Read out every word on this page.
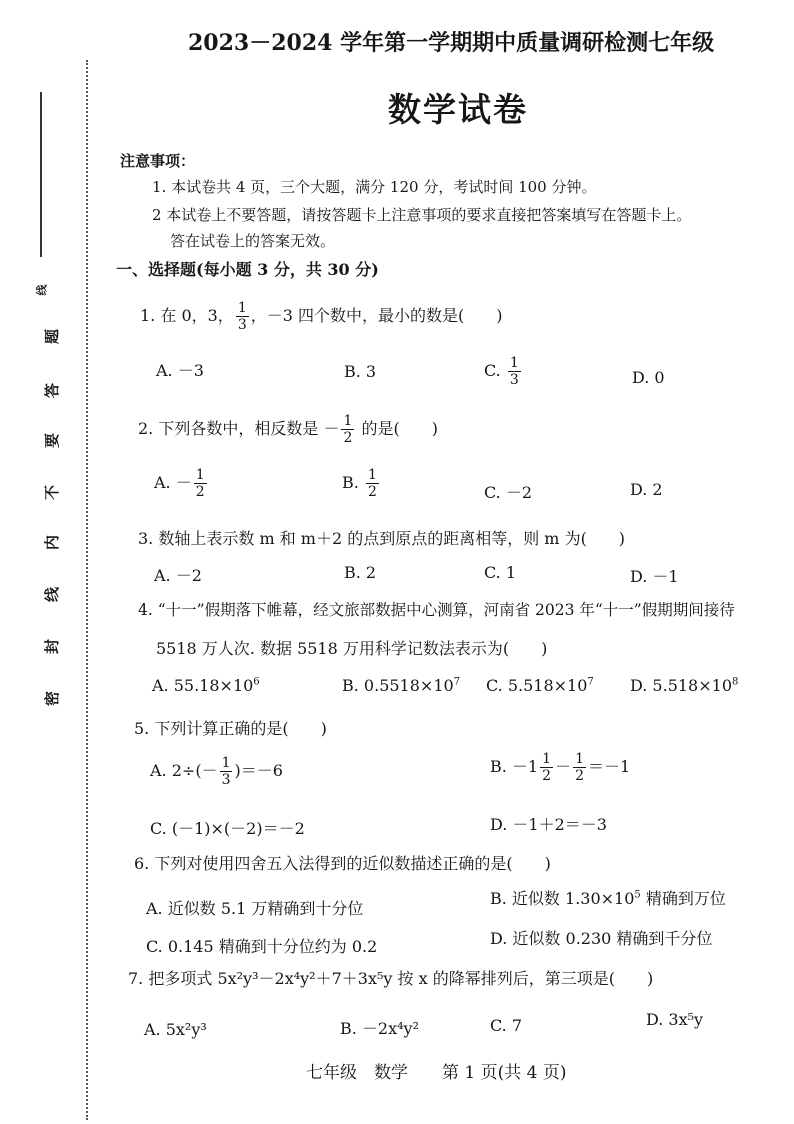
线
题
答
要
不
内
线
封
密
2023－2024 学年第一学期期中质量调研检测七年级
数学试卷
注意事项：
1. 本试卷共 4 页，三个大题，满分 120 分，考试时间 100 分钟。
2 本试卷上不要答题，请按答题卡上注意事项的要求直接把答案填写在答题卡上。
答在试卷上的答案无效。
一、选择题(每小题 3 分，共 30 分)
1. 在 0，3， $\frac{1}{3}$ ，－3 四个数中，最小的数是(　　)
A. －3	B. 3	C. $\frac{1}{3}$	D. 0
2. 下列各数中，相反数是 － $\frac{1}{2}$ 的是(　　)
A. － $\frac{1}{2}$	B. $\frac{1}{2}$	C. －2	D. 2
3. 数轴上表示数 m 和 m＋2 的点到原点的距离相等，则 m 为(　　)
A. －2	B. 2	C. 1	D. －1
4. “十一”假期落下帷幕，经文旅部数据中心测算，河南省 2023 年“十一”假期期间接待
5518 万人次. 数据 5518 万用科学记数法表示为(　　)
A. $55.18\times 10^6$	B. $0.5518\times 10^7$ C. $5.518\times 10^7$ D. $5.518\times 10^8$
5. 下列计算正确的是(　　)
A. $2\div(- \frac{1}{3} )=-6$	B. $-1 \frac{1}{2} - \frac{1}{2} =-1$
C. (－1)×(－2)＝－2	D. －1＋2＝－3
6. 下列对使用四舍五入法得到的近似数描述正确的是(　　)
A. 近似数 5.1 万精确到十分位
B. 近似数 $1.30\times 10^5$ 精确到万位
C. 0.145 精确到十分位约为 0.2	D. 近似数 0.230 精确到千分位
7. 把多项式 5x²y³－2x⁴y²＋7＋3x⁵y 按 x 的降幂排列后，第三项是(　　)
A. 5x²y³	B. －2x⁴y²	C. 7	D. 3x⁵y
七年级　数学　　第 1 页(共 4 页)
